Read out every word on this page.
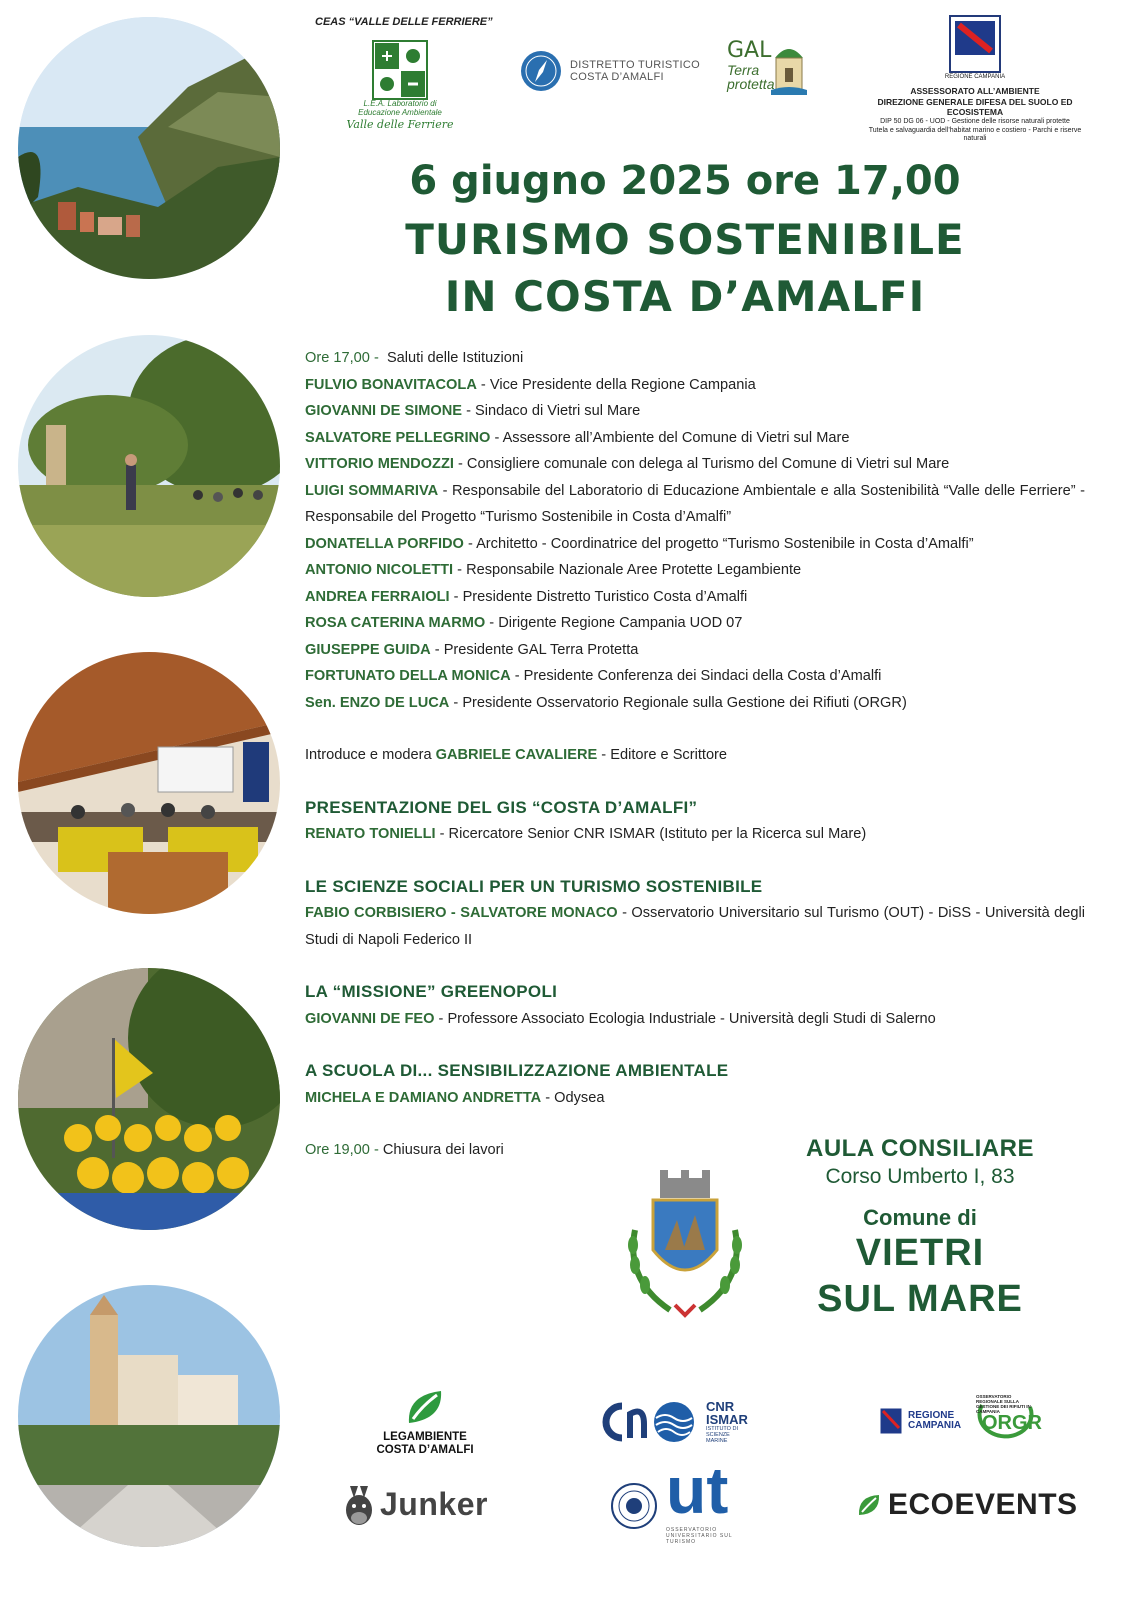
CEAS “VALLE DELLE FERRIERE”
L.E.A. Laboratorio di Educazione Ambientale
Valle delle Ferriere
DISTRETTO TURISTICO
COSTA D’AMALFI
GAL
Terra
protetta	REGIONE CAMPANIA
ASSESSORATO ALL’AMBIENTE
DIREZIONE GENERALE DIFESA DEL SUOLO ED ECOSISTEMA
DIP 50 DG 06 - UOD - Gestione delle risorse naturali protette
Tutela e salvaguardia dell’habitat marino e costiero - Parchi e riserve naturali
6 giugno 2025 ore 17,00
TURISMO SOSTENIBILE
IN COSTA D’AMALFI
Ore 17,00 - Saluti delle Istituzioni
FULVIO BONAVITACOLA - Vice Presidente della Regione Campania
GIOVANNI DE SIMONE - Sindaco di Vietri sul Mare
SALVATORE PELLEGRINO - Assessore all’Ambiente del Comune di Vietri sul Mare
VITTORIO MENDOZZI - Consigliere comunale con delega al Turismo del Comune di Vietri sul Mare
LUIGI SOMMARIVA - Responsabile del Laboratorio di Educazione Ambientale e alla Sostenibilità “Valle delle Ferriere” - Responsabile del Progetto “Turismo Sostenibile in Costa d’Amalfi”
DONATELLA PORFIDO - Architetto - Coordinatrice del progetto “Turismo Sostenibile in Costa d’Amalfi”
ANTONIO NICOLETTI - Responsabile Nazionale Aree Protette Legambiente
ANDREA FERRAIOLI - Presidente Distretto Turistico Costa d’Amalfi
ROSA CATERINA MARMO - Dirigente Regione Campania UOD 07
GIUSEPPE GUIDA - Presidente GAL Terra Protetta
FORTUNATO DELLA MONICA - Presidente Conferenza dei Sindaci della Costa d’Amalfi
Sen. ENZO DE LUCA - Presidente Osservatorio Regionale sulla Gestione dei Rifiuti (ORGR)
Introduce e modera GABRIELE CAVALIERE - Editore e Scrittore
PRESENTAZIONE DEL GIS “COSTA D’AMALFI”
RENATO TONIELLI - Ricercatore Senior CNR ISMAR (Istituto per la Ricerca sul Mare)
LE SCIENZE SOCIALI PER UN TURISMO SOSTENIBILE
FABIO CORBISIERO - SALVATORE MONACO - Osservatorio Universitario sul Turismo (OUT) - DiSS - Università degli Studi di Napoli Federico II
LA “MISSIONE” GREENOPOLI
GIOVANNI DE FEO - Professore Associato Ecologia Industriale - Università degli Studi di Salerno
A SCUOLA DI... SENSIBILIZZAZIONE AMBIENTALE
MICHELA E DAMIANO ANDRETTA - Odysea
Ore 19,00 - Chiusura dei lavori	AULA CONSILIARE
Corso Umberto I, 83
Comune di
VIETRI
SUL MARE
LEGAMBIENTE
COSTA D’AMALFI
CNR
ISMAR
ISTITUTO DI SCIENZE MARINE
REGIONE CAMPANIA
OSSERVATORIO REGIONALE SULLA GESTIONE DEI RIFIUTI IN CAMPANIA
ORGR
Junker	ut
OSSERVATORIO UNIVERSITARIO SUL TURISMO
ECOEVENTS
